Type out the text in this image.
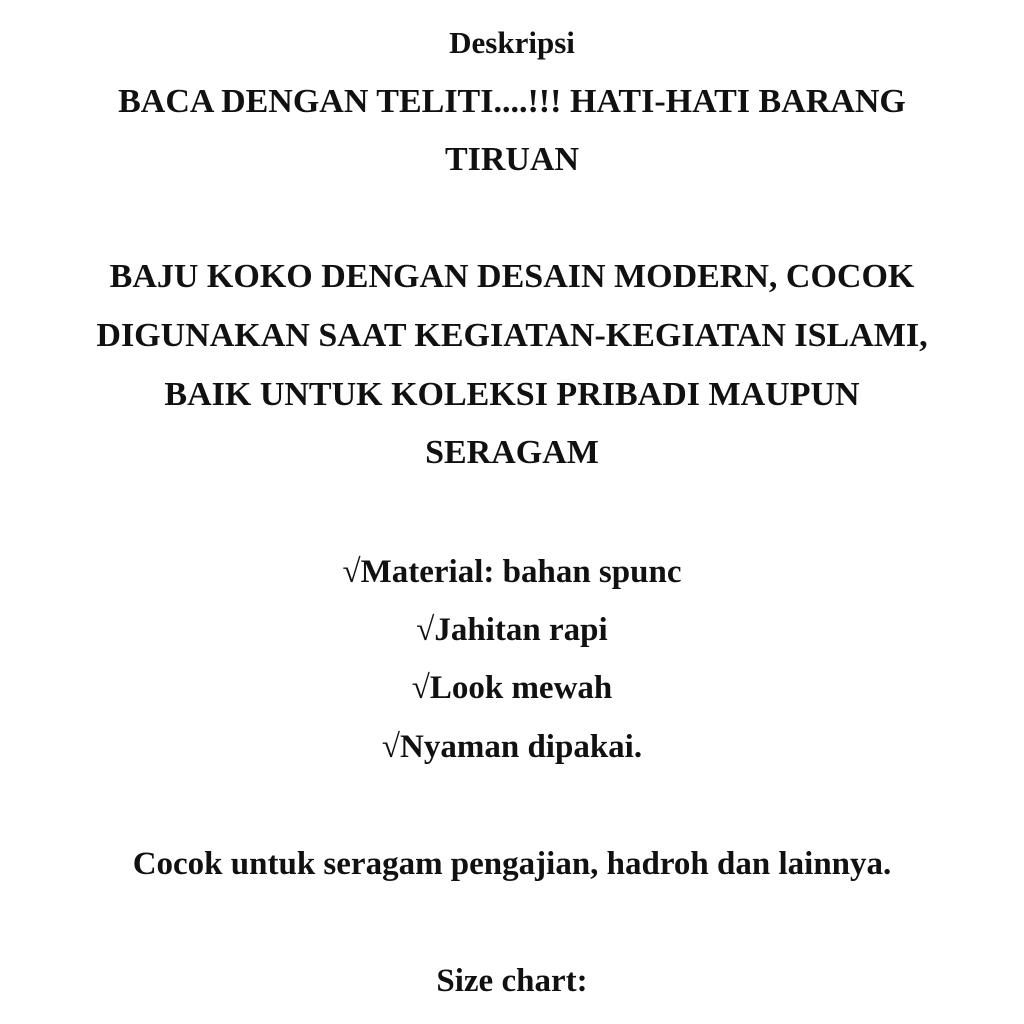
Deskripsi
BACA DENGAN TELITI....!!! HATI-HATI BARANG
TIRUAN
BAJU KOKO DENGAN DESAIN MODERN, COCOK
DIGUNAKAN SAAT KEGIATAN-KEGIATAN ISLAMI,
BAIK UNTUK KOLEKSI PRIBADI MAUPUN
SERAGAM
√Material: bahan spunc
√Jahitan rapi
√Look mewah
√Nyaman dipakai.
Cocok untuk seragam pengajian, hadroh dan lainnya.
Size chart:
